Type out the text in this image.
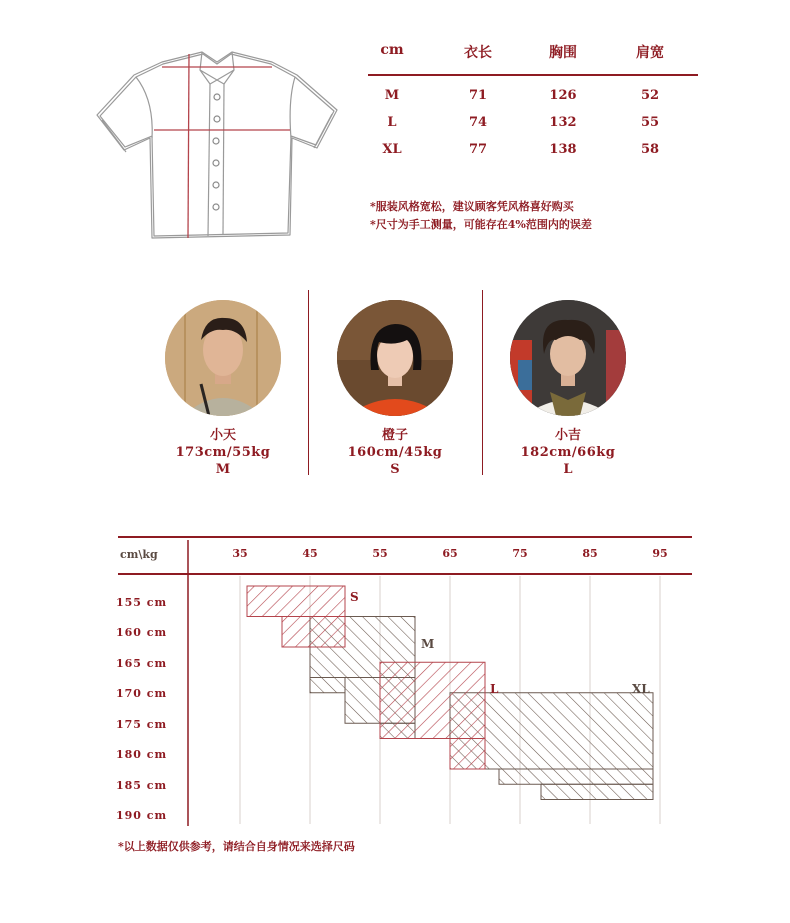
cm	衣长	胸围	肩宽
M	71	126	52
L	74	132	55
XL	77	138	58
*服装风格宽松，建议顾客凭风格喜好购买
*尺寸为手工测量，可能存在4%范围内的误差
小天
173cm/55kg
M
橙子
160cm/45kg
S
小吉
182cm/66kg
L
cm\kg	35	45	55	65	75	85	95
155 cm
160 cm
165 cm
170 cm
175 cm
180 cm
185 cm
190 cm
S
M
L	XL
*以上数据仅供参考，请结合自身情况来选择尺码
